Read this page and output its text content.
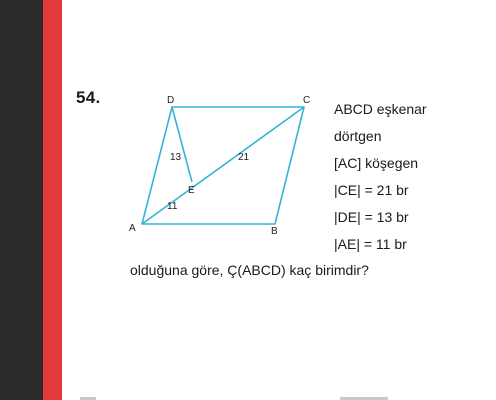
54.	D	C
A	B
E
13	21
11
ABCD eşkenar
dörtgen
[AC] köşegen
|CE| = 21 br
|DE| = 13 br
|AE| = 11 br
olduğuna göre, Ç(ABCD) kaç birimdir?
